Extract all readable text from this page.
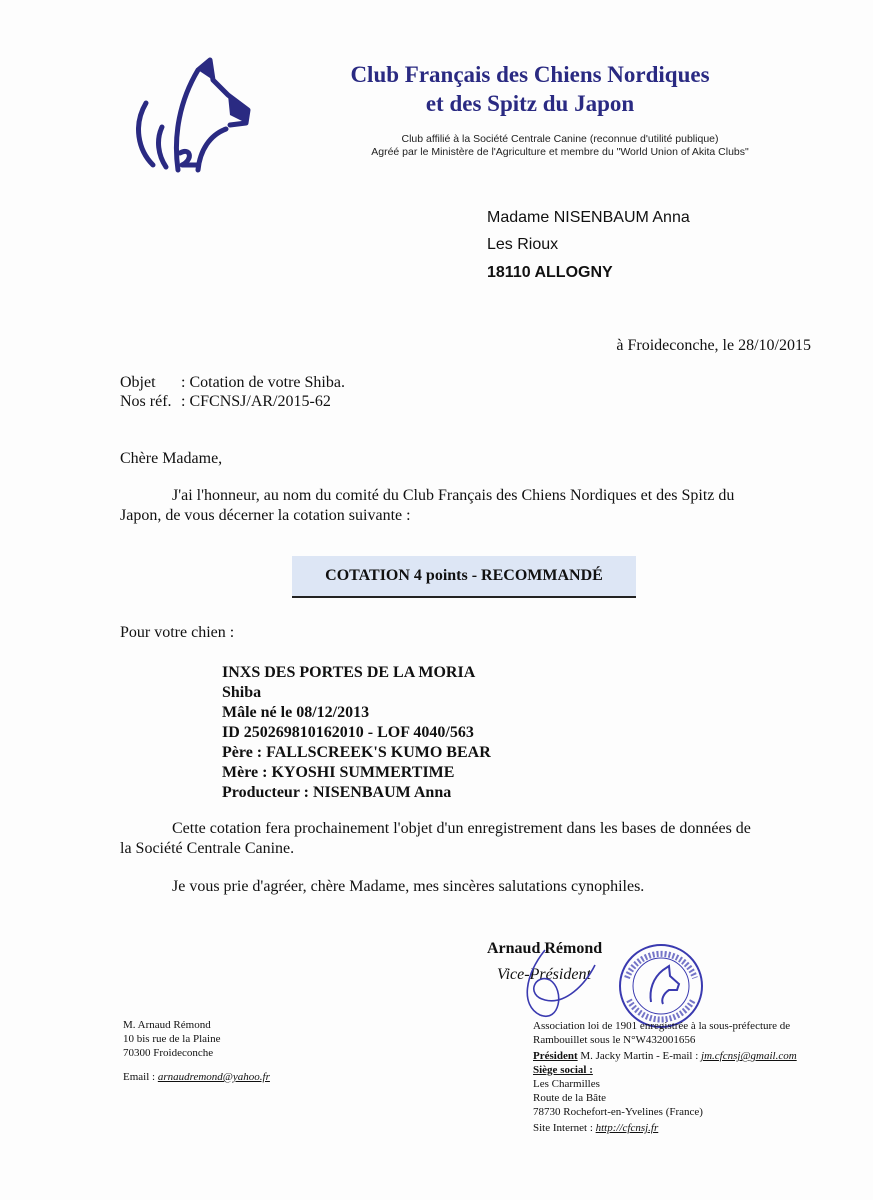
Club Français des Chiens Nordiques
et des Spitz du Japon
Club affilié à la Société Centrale Canine (reconnue d'utilité publique)
Agréé par le Ministère de l'Agriculture et membre du "World Union of Akita Clubs"
Madame NISENBAUM Anna
Les Rioux
18110 ALLOGNY
à Froideconche, le 28/10/2015
Objet : Cotation de votre Shiba.
Nos réf. : CFCNSJ/AR/2015-62
Chère Madame,
J'ai l'honneur, au nom du comité du Club Français des Chiens Nordiques et des Spitz du
Japon, de vous décerner la cotation suivante :
COTATION 4 points - RECOMMANDÉ
Pour votre chien :
INXS DES PORTES DE LA MORIA
Shiba
Mâle né le 08/12/2013
ID 250269810162010 - LOF 4040/563
Père : FALLSCREEK'S KUMO BEAR
Mère : KYOSHI SUMMERTIME
Producteur : NISENBAUM Anna
Cette cotation fera prochainement l'objet d'un enregistrement dans les bases de données de
la Société Centrale Canine.
Je vous prie d'agréer, chère Madame, mes sincères salutations cynophiles.
Arnaud Rémond
Vice-Président
M. Arnaud Rémond
10 bis rue de la Plaine
70300 Froideconche
Email : arnaudremond@yahoo.fr
Association loi de 1901 enregistrée à la sous-préfecture de
Rambouillet sous le N°W432001656
Président M. Jacky Martin - E-mail : jm.cfcnsj@gmail.com
Siège social :
Les Charmilles
Route de la Bâte
78730 Rochefort-en-Yvelines (France)
Site Internet : http://cfcnsj.fr
